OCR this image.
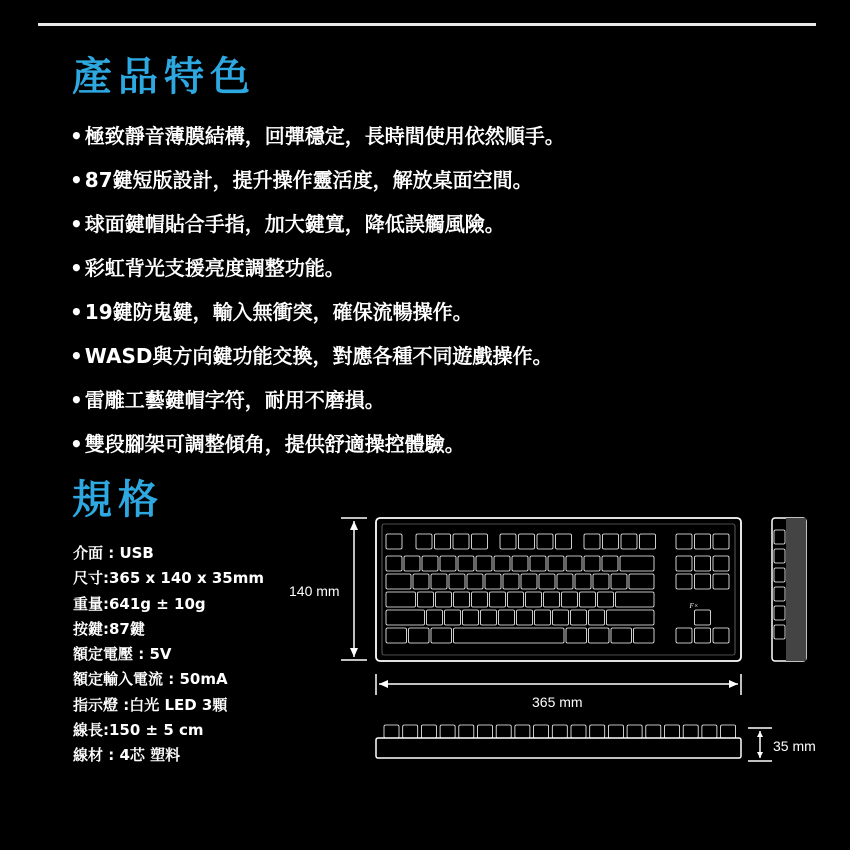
產品特色
• 極致靜音薄膜結構，回彈穩定，長時間使用依然順手。
• 87鍵短版設計，提升操作靈活度，解放桌面空間。
• 球面鍵帽貼合手指，加大鍵寬，降低誤觸風險。
• 彩虹背光支援亮度調整功能。
• 19鍵防鬼鍵，輸入無衝突，確保流暢操作。
• WASD與方向鍵功能交換，對應各種不同遊戲操作。
• 雷雕工藝鍵帽字符，耐用不磨損。
• 雙段腳架可調整傾角，提供舒適操控體驗。
規格
介面 : USB
尺寸:365 x 140 x 35mm
重量:641g ± 10g
按鍵:87鍵
額定電壓 : 5V
額定輸入電流 : 50mA
指示燈 :白光 LED 3顆
線長:150 ± 5 cm
線材 : 4芯 塑料
F×
140 mm
365 mm
35 mm
